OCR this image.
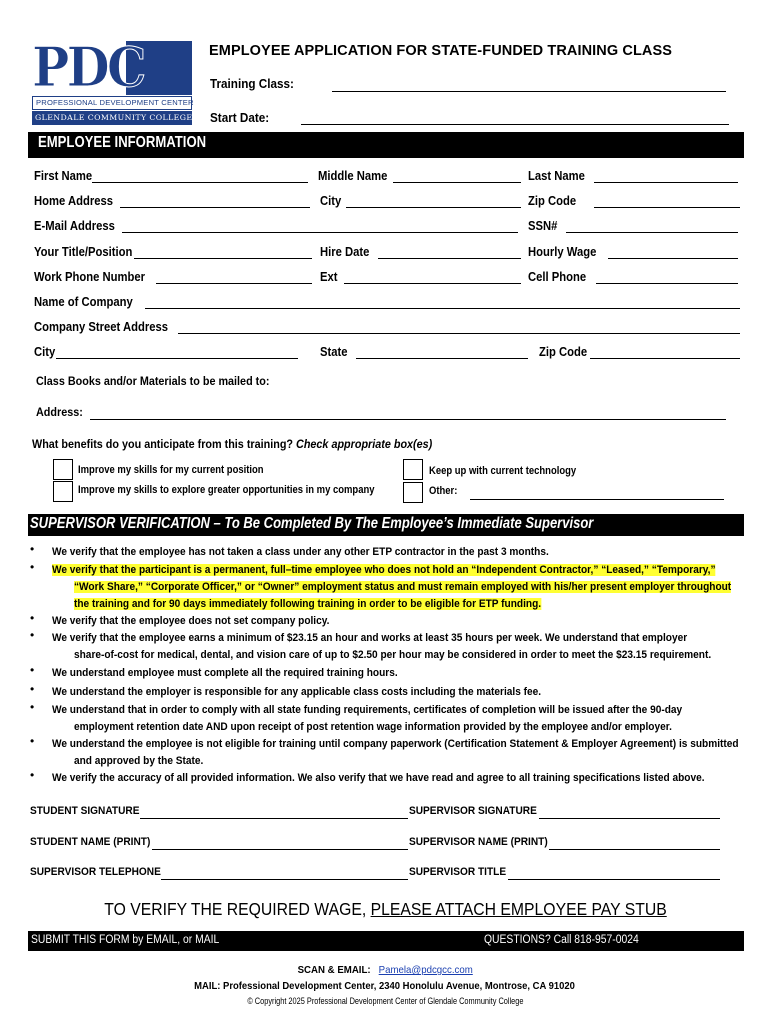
PDC
PROFESSIONAL DEVELOPMENT CENTER
GLENDALE COMMUNITY COLLEGE
EMPLOYEE APPLICATION FOR STATE-FUNDED TRAINING CLASS
Training Class:
Start Date:
EMPLOYEE INFORMATION
First Name	Middle Name	Last Name
Home Address	City	Zip Code
E-Mail Address	SSN#
Your Title/Position	Hire Date	Hourly Wage
Work Phone Number	Ext	Cell Phone
Name of Company
Company Street Address
City	State	Zip Code
Class Books and/or Materials to be mailed to:
Address:
What benefits do you anticipate from this training? Check appropriate box(es)
Improve my skills for my current position
Improve my skills to explore greater opportunities in my company
Keep up with current technology
Other:
SUPERVISOR VERIFICATION – To Be Completed By The Employee’s Immediate Supervisor
• We verify that the employee has not taken a class under any other ETP contractor in the past 3 months.
• We verify that the participant is a permanent, full–time employee who does not hold an “Independent Contractor,” “Leased,” “Temporary,”
“Work Share,” “Corporate Officer,” or “Owner” employment status and must remain employed with his/her present employer throughout
the training and for 90 days immediately following training in order to be eligible for ETP funding.
• We verify that the employee does not set company policy.
• We verify that the employee earns a minimum of $23.15 an hour and works at least 35 hours per week. We understand that employer
share-of-cost for medical, dental, and vision care of up to $2.50 per hour may be considered in order to meet the $23.15 requirement.
• We understand employee must complete all the required training hours.
• We understand the employer is responsible for any applicable class costs including the materials fee.
• We understand that in order to comply with all state funding requirements, certificates of completion will be issued after the 90-day
employment retention date AND upon receipt of post retention wage information provided by the employee and/or employer.
• We understand the employee is not eligible for training until company paperwork (Certification Statement & Employer Agreement) is submitted
and approved by the State.
• We verify the accuracy of all provided information. We also verify that we have read and agree to all training specifications listed above.
STUDENT SIGNATURE	SUPERVISOR SIGNATURE
STUDENT NAME (PRINT)	SUPERVISOR NAME (PRINT)
SUPERVISOR TELEPHONE	SUPERVISOR TITLE
TO VERIFY THE REQUIRED WAGE, PLEASE ATTACH EMPLOYEE PAY STUB
SUBMIT THIS FORM by EMAIL, or MAIL	QUESTIONS? Call 818-957-0024
SCAN & EMAIL: Pamela@pdcgcc.com
MAIL: Professional Development Center, 2340 Honolulu Avenue, Montrose, CA 91020
© Copyright 2025 Professional Development Center of Glendale Community College
